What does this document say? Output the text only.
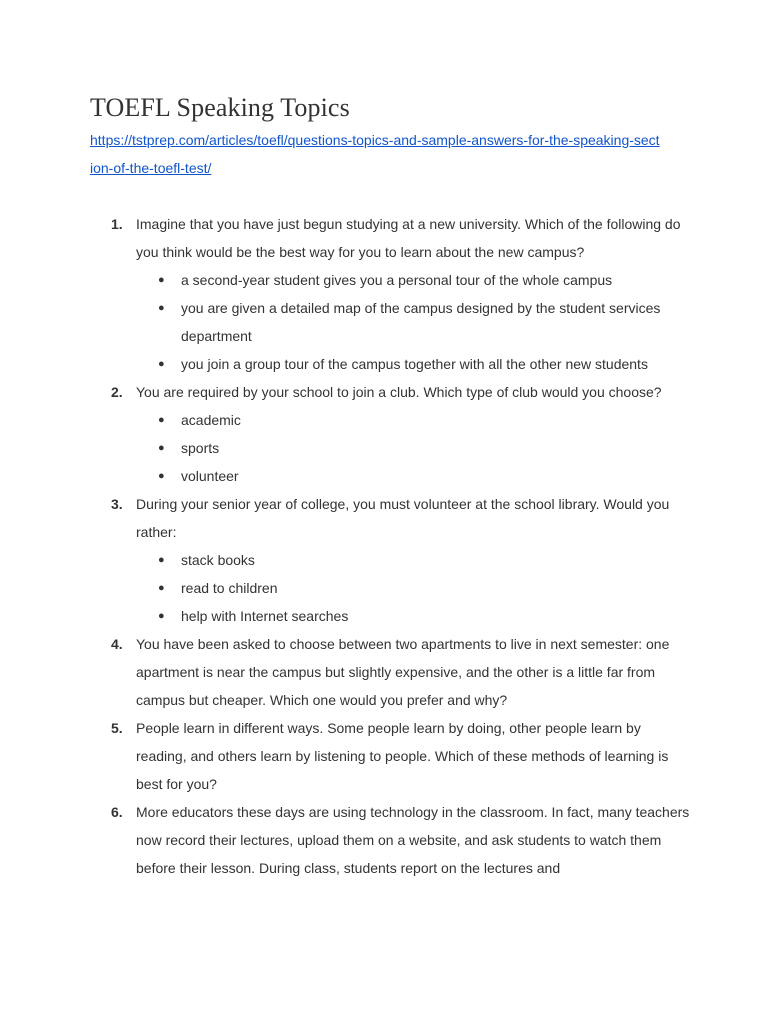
TOEFL Speaking Topics
https://tstprep.com/articles/toefl/questions-topics-and-sample-answers-for-the-speaking-section-of-the-toefl-test/
1. Imagine that you have just begun studying at a new university. Which of the following do you think would be the best way for you to learn about the new campus?
● a second-year student gives you a personal tour of the whole campus
● you are given a detailed map of the campus designed by the student services department
● you join a group tour of the campus together with all the other new students
2. You are required by your school to join a club. Which type of club would you choose?
● academic
● sports
● volunteer
3. During your senior year of college, you must volunteer at the school library. Would you rather:
● stack books
● read to children
● help with Internet searches
4. You have been asked to choose between two apartments to live in next semester: one apartment is near the campus but slightly expensive, and the other is a little far from campus but cheaper. Which one would you prefer and why?
5. People learn in different ways. Some people learn by doing, other people learn by reading, and others learn by listening to people. Which of these methods of learning is best for you?
6. More educators these days are using technology in the classroom. In fact, many teachers now record their lectures, upload them on a website, and ask students to watch them before their lesson. During class, students report on the lectures and
